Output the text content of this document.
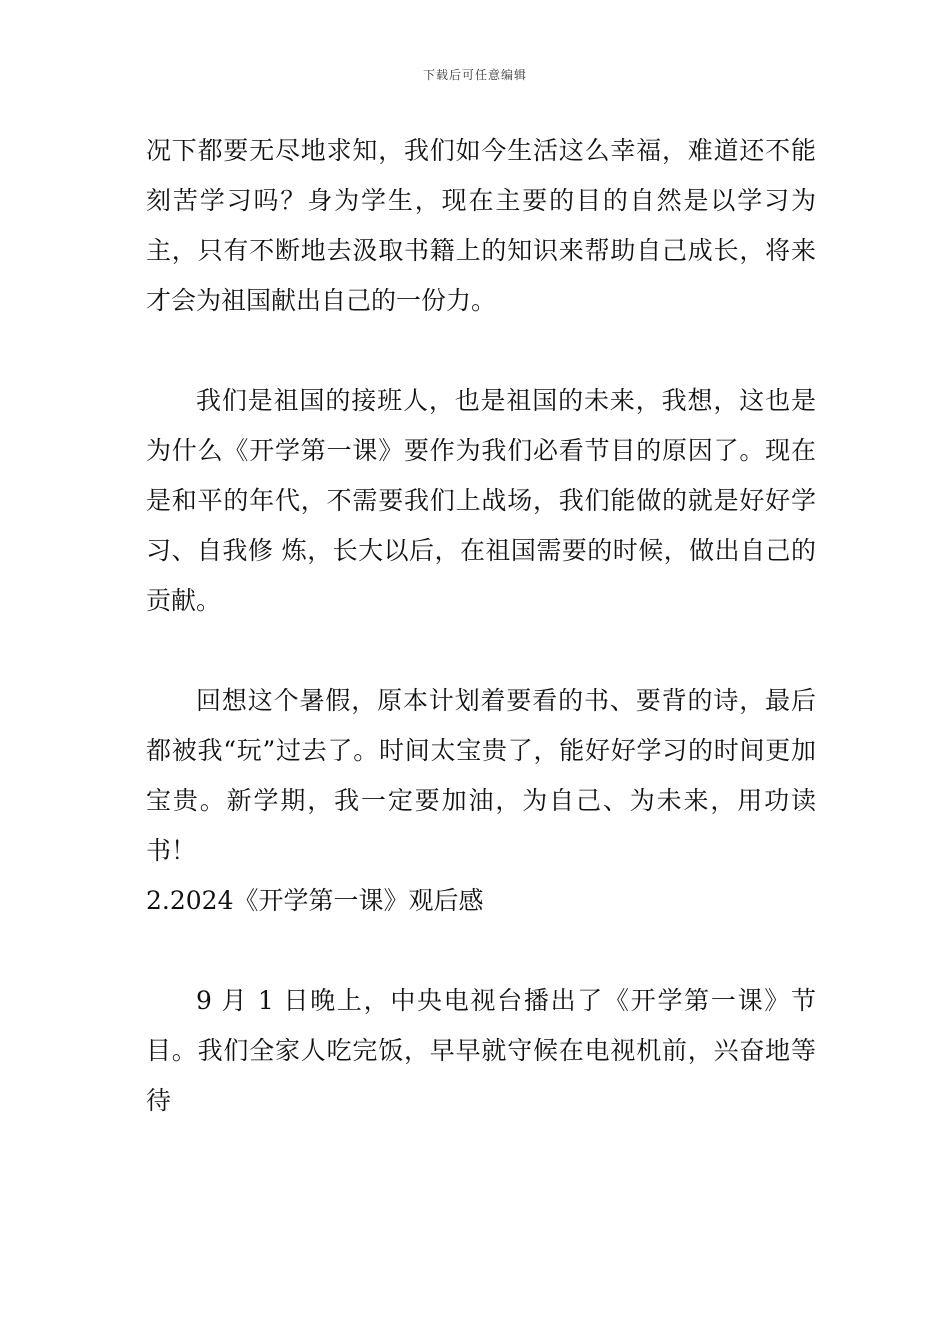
下载后可任意编辑

况下都要无尽地求知，我们如今生活这么幸福，难道还不能刻苦学习吗？身为学生，现在主要的目的自然是以学习为主，只有不断地去汲取书籍上的知识来帮助自己成长，将来才会为祖国献出自己的一份力。

我们是祖国的接班人，也是祖国的未来，我想，这也是为什么《开学第一课》要作为我们必看节目的原因了。现在是和平的年代，不需要我们上战场，我们能做的就是好好学习、自我修 炼，长大以后，在祖国需要的时候，做出自己的贡献。

回想这个暑假，原本计划着要看的书、要背的诗，最后都被我“玩”过去了。时间太宝贵了，能好好学习的时间更加宝贵。新学期，我一定要加油，为自己、为未来，用功读书！

2.2024《开学第一课》观后感

9 月 1 日晚上，中央电视台播出了《开学第一课》节目。我们全家人吃完饭，早早就守候在电视机前，兴奋地等待
